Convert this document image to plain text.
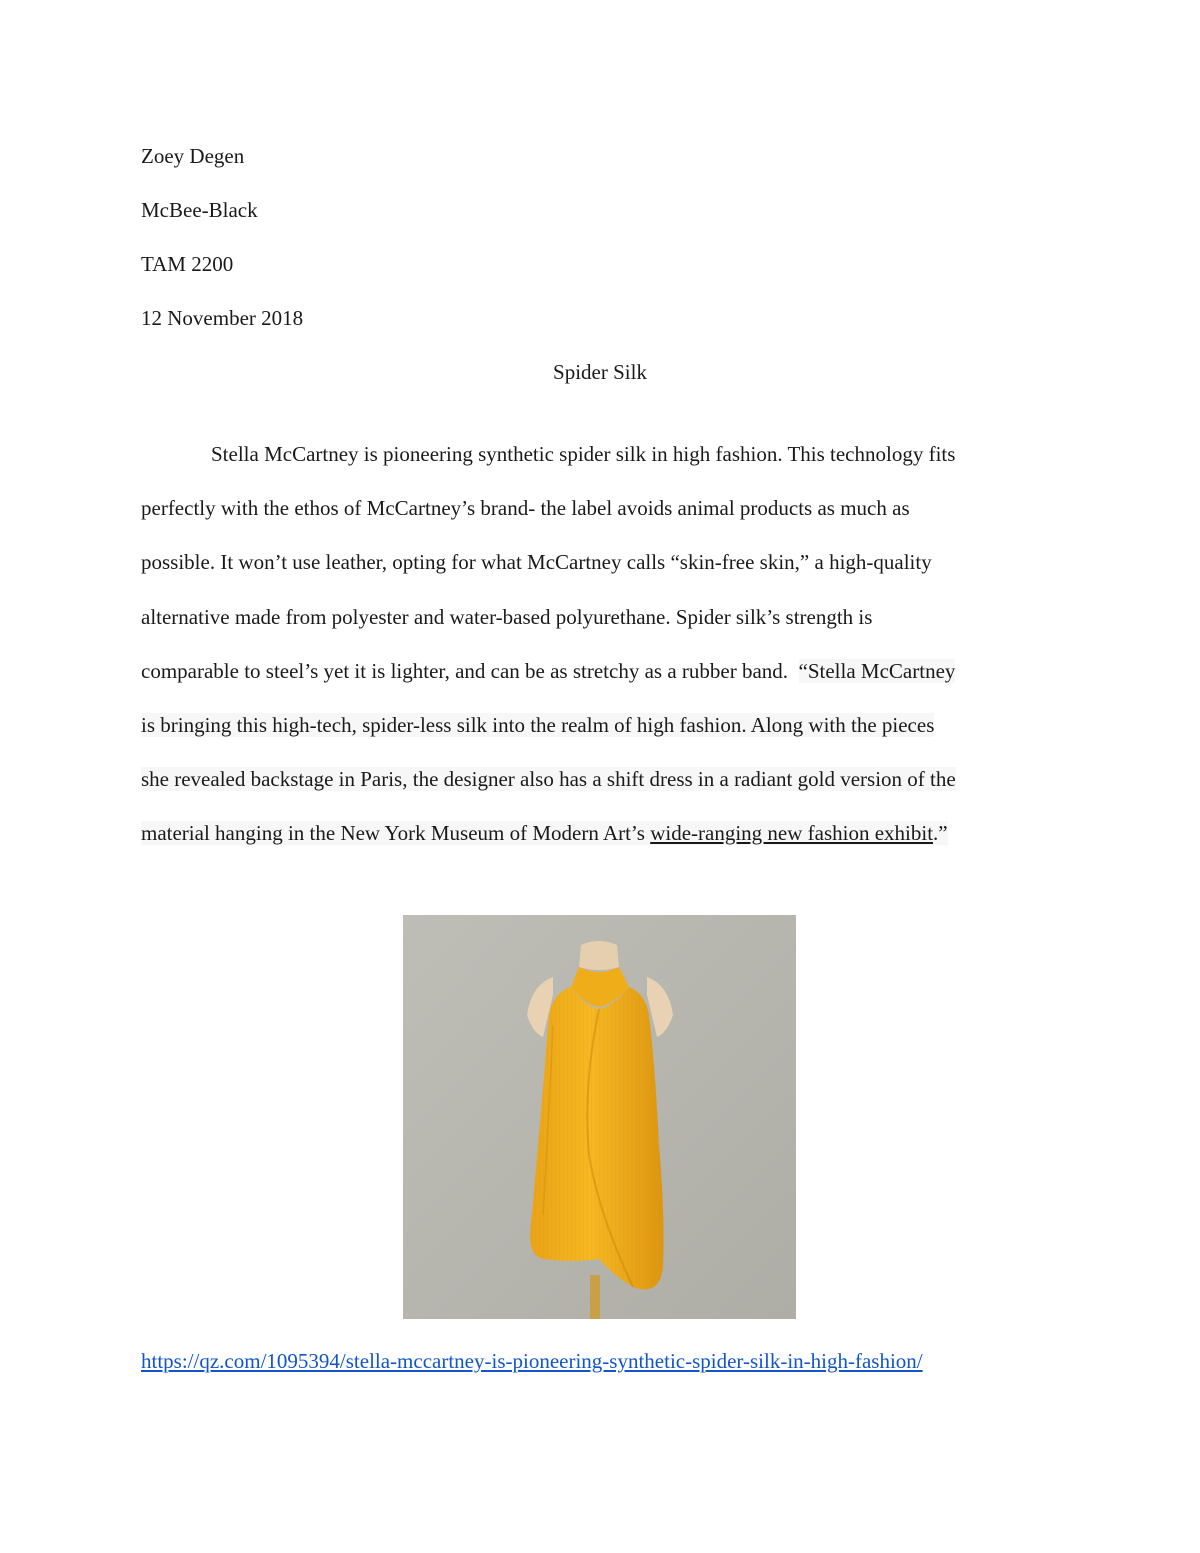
Zoey Degen
McBee-Black
TAM 2200
12 November 2018
Spider Silk
Stella McCartney is pioneering synthetic spider silk in high fashion. This technology fits
perfectly with the ethos of McCartney’s brand- the label avoids animal products as much as
possible. It won’t use leather, opting for what McCartney calls “skin-free skin,” a high-quality
alternative made from polyester and water-based polyurethane. Spider silk’s strength is
comparable to steel’s yet it is lighter, and can be as stretchy as a rubber band. “Stella McCartney
is bringing this high-tech, spider-less silk into the realm of high fashion. Along with the pieces
she revealed backstage in Paris, the designer also has a shift dress in a radiant gold version of the
material hanging in the New York Museum of Modern Art’s wide-ranging new fashion exhibit.”
https://qz.com/1095394/stella-mccartney-is-pioneering-synthetic-spider-silk-in-high-fashion/
